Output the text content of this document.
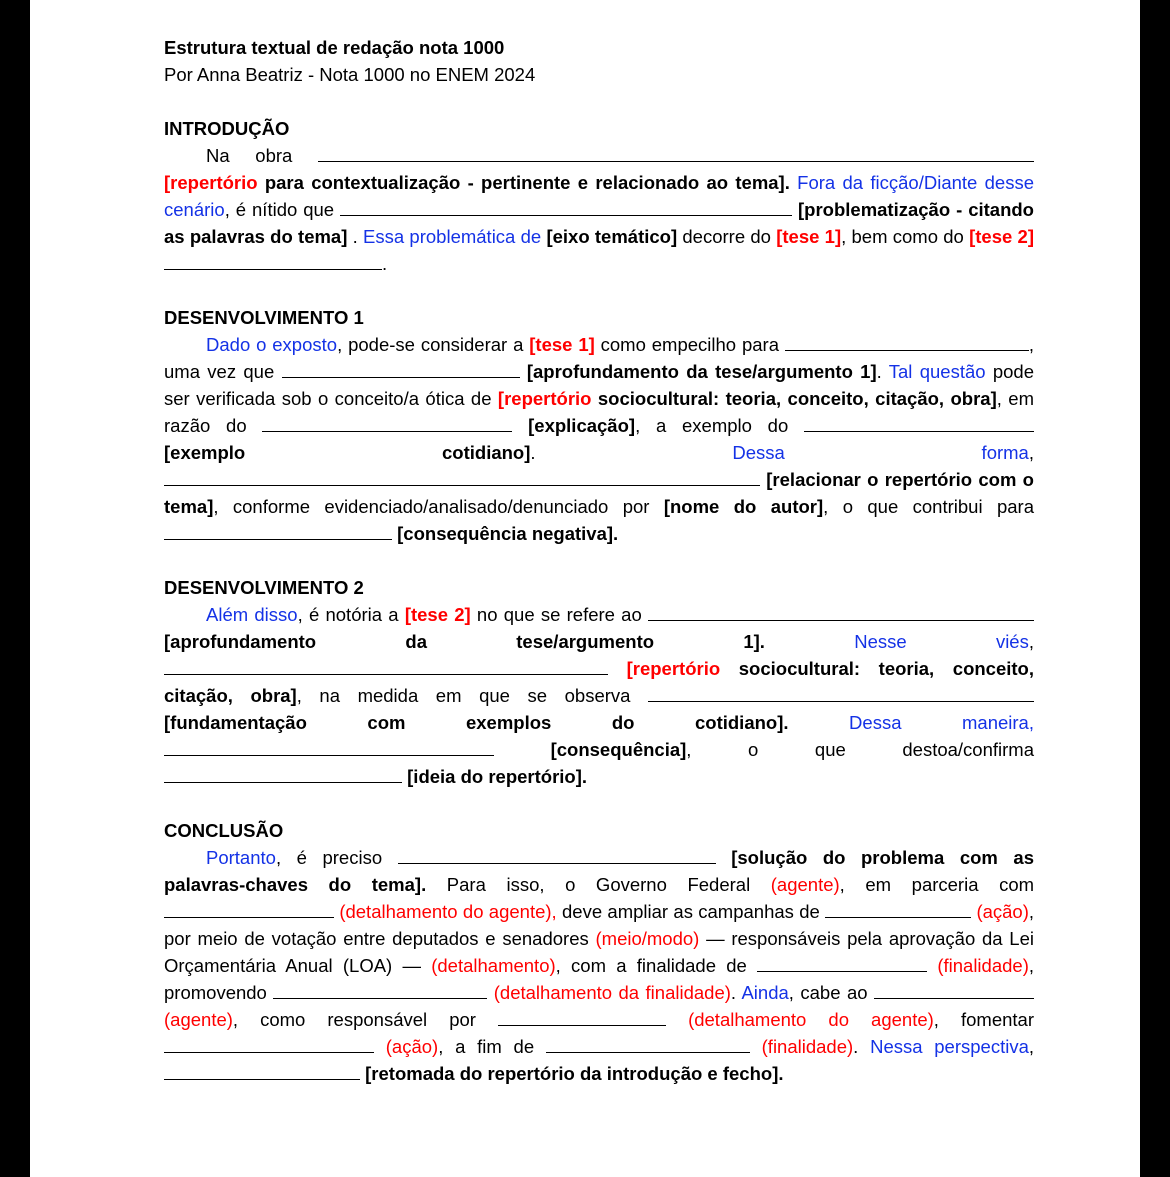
Estrutura textual de redação nota 1000

Por Anna Beatriz - Nota 1000 no ENEM 2024

INTRODUÇÃO

Na obra [repertório para contextualização - pertinente e relacionado ao tema]. Fora da ficção/Diante desse cenário, é nítido que	[problematização - citando as palavras do tema] . Essa problemática de [eixo temático] decorre do [tese 1], bem como do [tese 2] .

DESENVOLVIMENTO 1

Dado o exposto, pode-se considerar a [tese 1] como empecilho para	, uma vez que	[aprofundamento da tese/argumento 1]. Tal questão pode ser verificada sob o conceito/a ótica de [repertório sociocultural: teoria, conceito, citação, obra], em razão do	[explicação], a exemplo do  [exemplo cotidiano]. Dessa forma,  [relacionar o repertório com o tema], conforme evidenciado/analisado/denunciado por [nome do autor], o que contribui para  [consequência negativa].

DESENVOLVIMENTO 2

Além disso, é notória a [tese 2] no que se refere ao  [aprofundamento da tese/argumento 1]. Nesse viés,  [repertório sociocultural: teoria, conceito, citação, obra], na medida em que se observa  [fundamentação com exemplos do cotidiano]. Dessa maneira,  [consequência], o que destoa/confirma  [ideia do repertório].

CONCLUSÃO

Portanto, é preciso	[solução do problema com as palavras-chaves do tema]. Para isso, o Governo Federal (agente), em parceria com  (detalhamento do agente), deve ampliar as campanhas de	(ação), por meio de votação entre deputados e senadores (meio/modo) — responsáveis pela aprovação da Lei Orçamentária Anual (LOA) — (detalhamento), com a finalidade de	(finalidade), promovendo	(detalhamento da finalidade). Ainda, cabe ao  (agente), como responsável por	(detalhamento do agente), fomentar  (ação), a fim de	(finalidade). Nessa perspectiva,  [retomada do repertório da introdução e fecho].
